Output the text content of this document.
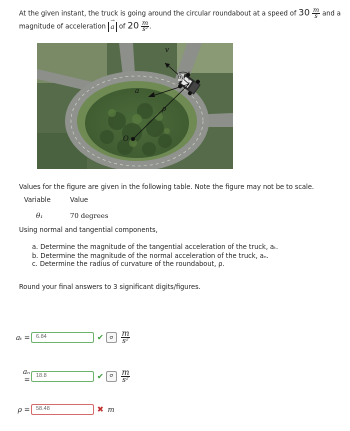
At the given instant, the truck is going around the circular roundabout at a speed of $30 \frac{m}{s}$ and a
magnitude of acceleration → a of $20 \frac{m}{\text{s²}}$ .
v
θ₁
a
ρ
O
Values for the figure are given in the following table. Note the figure may not be to scale.
Variable	Value
θ₁	70 degrees
Using normal and tangential components,
a. Determine the magnitude of the tangential acceleration of the truck, aₜ.
b. Determine the magnitude of the normal acceleration of the truck, aₙ.
c. Determine the radius of curvature of the roundabout, ρ.
Round your final answers to 3 significant digits/figures.
aₜ =	6.84	✔	σ $\frac{m}{\text{s²}}$
aₙ =
18.8	✔	σ $\frac{m}{\text{s²}}$
ρ =	58.48	✖ m
